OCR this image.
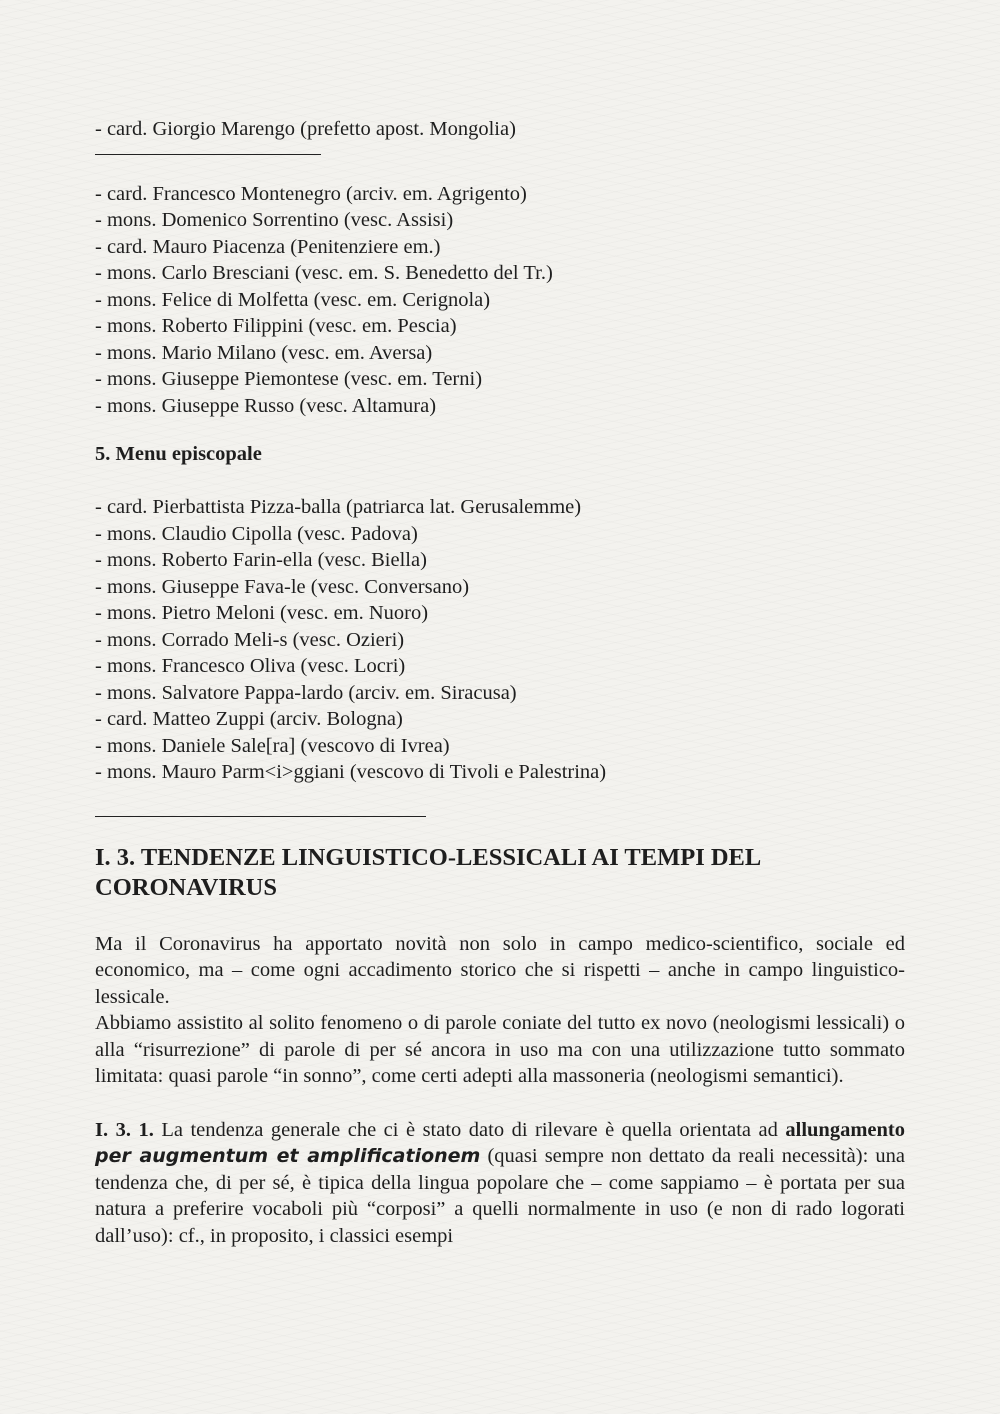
- card. Giorgio Marengo (prefetto apost. Mongolia)
- card. Francesco Montenegro (arciv. em. Agrigento)
- mons. Domenico Sorrentino (vesc. Assisi)
- card. Mauro Piacenza (Penitenziere em.)
- mons. Carlo Bresciani (vesc. em. S. Benedetto del Tr.)
- mons. Felice di Molfetta (vesc. em. Cerignola)
- mons. Roberto Filippini (vesc. em. Pescia)
- mons. Mario Milano (vesc. em. Aversa)
- mons. Giuseppe Piemontese (vesc. em. Terni)
- mons. Giuseppe Russo (vesc. Altamura)
5. Menu episcopale
- card. Pierbattista Pizza-balla (patriarca lat. Gerusalemme)
- mons. Claudio Cipolla (vesc. Padova)
- mons. Roberto Farin-ella (vesc. Biella)
- mons. Giuseppe Fava-le (vesc. Conversano)
- mons. Pietro Meloni (vesc. em. Nuoro)
- mons. Corrado Meli-s (vesc. Ozieri)
- mons. Francesco Oliva (vesc. Locri)
- mons. Salvatore Pappa-lardo (arciv. em. Siracusa)
- card. Matteo Zuppi (arciv. Bologna)
- mons. Daniele Sale[ra] (vescovo di Ivrea)
- mons. Mauro Parm<i>ggiani (vescovo di Tivoli e Palestrina)
I. 3. TENDENZE LINGUISTICO-LESSICALI AI TEMPI DEL
CORONAVIRUS

Ma il Coronavirus ha apportato novità non solo in campo medico-scientifico, sociale ed economico, ma – come ogni accadimento storico che si rispetti – anche in campo linguistico-lessicale.

Abbiamo assistito al solito fenomeno o di parole coniate del tutto ex novo (neologismi lessicali) o alla “risurrezione” di parole di per sé ancora in uso ma con una utilizzazione tutto sommato limitata: quasi parole “in sonno”, come certi adepti alla massoneria (neologismi semantici).

I. 3. 1. La tendenza generale che ci è stato dato di rilevare è quella orientata ad allungamento per augmentum et amplificationem (quasi sempre non dettato da reali necessità): una tendenza che, di per sé, è tipica della lingua popolare che – come sappiamo – è portata per sua natura a preferire vocaboli più “corposi” a quelli normalmente in uso (e non di rado logorati dall’uso): cf., in proposito, i classici esempi
